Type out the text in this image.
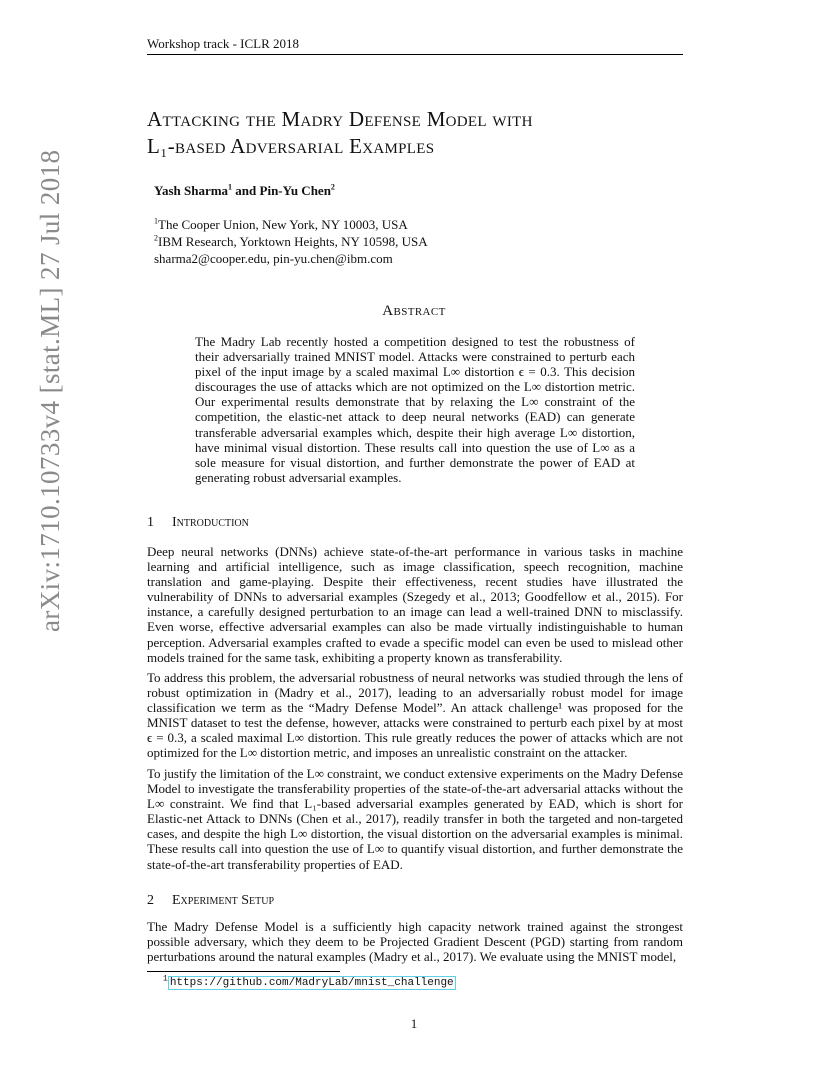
Workshop track - ICLR 2018
arXiv:1710.10733v4 [stat.ML] 27 Jul 2018
Attacking the Madry Defense Model with
L₁-based Adversarial Examples
Yash Sharma$^1$ and Pin-Yu Chen$^2$
$^1$The Cooper Union, New York, NY 10003, USA
$^2$IBM Research, Yorktown Heights, NY 10598, USA
sharma2@cooper.edu, pin-yu.chen@ibm.com
Abstract
The Madry Lab recently hosted a competition designed to test the robustness of their adversarially trained MNIST model. Attacks were constrained to perturb each pixel of the input image by a scaled maximal L∞ distortion ϵ = 0.3. This decision discourages the use of attacks which are not optimized on the L∞ distortion metric. Our experimental results demonstrate that by relaxing the L∞ constraint of the competition, the elastic-net attack to deep neural networks (EAD) can generate transferable adversarial examples which, despite their high average L∞ distortion, have minimal visual distortion. These results call into question the use of L∞ as a sole measure for visual distortion, and further demonstrate the power of EAD at generating robust adversarial examples.
1 Introduction
Deep neural networks (DNNs) achieve state-of-the-art performance in various tasks in machine learning and artificial intelligence, such as image classification, speech recognition, machine translation and game-playing. Despite their effectiveness, recent studies have illustrated the vulnerability of DNNs to adversarial examples (Szegedy et al., 2013; Goodfellow et al., 2015). For instance, a carefully designed perturbation to an image can lead a well-trained DNN to misclassify. Even worse, effective adversarial examples can also be made virtually indistinguishable to human perception. Adversarial examples crafted to evade a specific model can even be used to mislead other models trained for the same task, exhibiting a property known as transferability.
To address this problem, the adversarial robustness of neural networks was studied through the lens of robust optimization in (Madry et al., 2017), leading to an adversarially robust model for image classification we term as the “Madry Defense Model”. An attack challenge¹ was proposed for the MNIST dataset to test the defense, however, attacks were constrained to perturb each pixel by at most ϵ = 0.3, a scaled maximal L∞ distortion. This rule greatly reduces the power of attacks which are not optimized for the L∞ distortion metric, and imposes an unrealistic constraint on the attacker.
To justify the limitation of the L∞ constraint, we conduct extensive experiments on the Madry Defense Model to investigate the transferability properties of the state-of-the-art adversarial attacks without the L∞ constraint. We find that L₁-based adversarial examples generated by EAD, which is short for Elastic-net Attack to DNNs (Chen et al., 2017), readily transfer in both the targeted and non-targeted cases, and despite the high L∞ distortion, the visual distortion on the adversarial examples is minimal. These results call into question the use of L∞ to quantify visual distortion, and further demonstrate the state-of-the-art transferability properties of EAD.
2 Experiment Setup
The Madry Defense Model is a sufficiently high capacity network trained against the strongest possible adversary, which they deem to be Projected Gradient Descent (PGD) starting from random perturbations around the natural examples (Madry et al., 2017). We evaluate using the MNIST model,
$^1$ https://github.com/MadryLab/mnist_challenge
1
